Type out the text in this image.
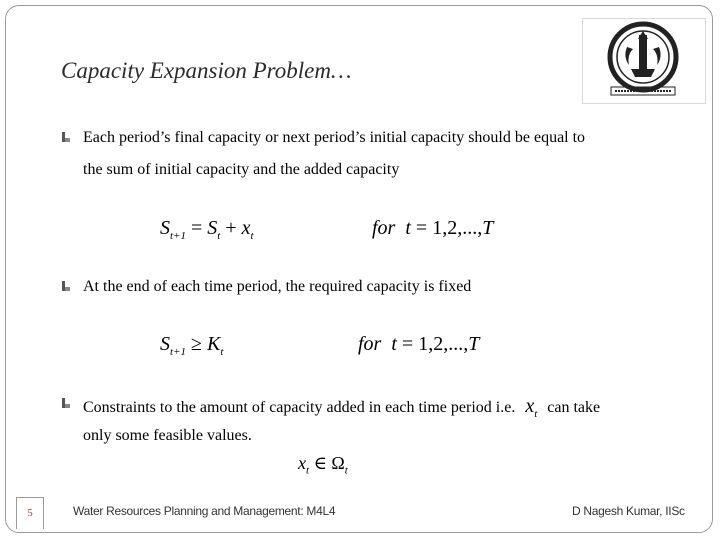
Capacity Expansion Problem…
Each period’s final capacity or next period’s initial capacity should be equal to
the sum of initial capacity and the added capacity
$S_{t+1} = S_t + x_t$	for t = 1,2,...,T
At the end of each time period, the required capacity is fixed
$S_{t+1} \ge K_t$	for t = 1,2,...,T
Constraints to the amount of capacity added in each time period i.e. $x_t$ can take
only some feasible values.
$x_t$ ∈ $\Omega_t$
5	Water Resources Planning and Management: M4L4	D Nagesh Kumar, IISc
